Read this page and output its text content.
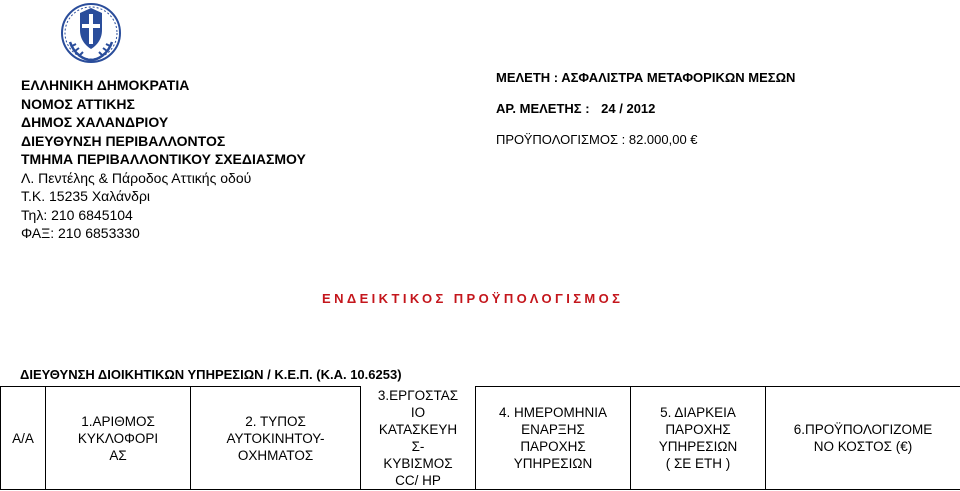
ΕΛΛΗΝΙΚΗ ΔΗΜΟΚΡΑΤΙΑ
ΝΟΜΟΣ ΑΤΤΙΚΗΣ
ΔΗΜΟΣ ΧΑΛΑΝΔΡΙΟΥ
ΔΙΕΥΘΥΝΣΗ ΠΕΡΙΒΑΛΛΟΝΤΟΣ
ΤΜΗΜΑ ΠΕΡΙΒΑΛΛΟΝΤΙΚΟΥ ΣΧΕΔΙΑΣΜΟΥ
Λ. Πεντέλης & Πάροδος Αττικής οδού
Τ.Κ. 15235 Χαλάνδρι
Τηλ: 210 6845104
ΦΑΞ: 210 6853330
ΜΕΛΕΤΗ : ΑΣΦΑΛΙΣΤΡΑ ΜΕΤΑΦΟΡΙΚΩΝ ΜΕΣΩΝ
ΑΡ. ΜΕΛΕΤΗΣ : 24 / 2012
ΠΡΟΫΠΟΛΟΓΙΣΜΟΣ : 82.000,00 €
ΕΝΔΕΙΚΤΙΚΟΣ ΠΡΟΫΠΟΛΟΓΙΣΜΟΣ
ΔΙΕΥΘΥΝΣΗ ΔΙΟΙΚΗΤΙΚΩΝ ΥΠΗΡΕΣΙΩΝ / Κ.Ε.Π. (Κ.Α. 10.6253)
Α/Α	1.ΑΡΙΘΜΟΣ
ΚΥΚΛΟΦΟΡΙ
ΑΣ	2. ΤΥΠΟΣ
ΑΥΤΟΚΙΝΗΤΟΥ-
ΟΧΗΜΑΤΟΣ	3.ΕΡΓΟΣΤΑΣ
ΙΟ
ΚΑΤΑΣΚΕΥΗ
Σ-
ΚΥΒΙΣΜΟΣ
CC/ HP	4. ΗΜΕΡΟΜΗΝΙΑ
ΕΝΑΡΞΗΣ
ΠΑΡΟΧΗΣ
ΥΠΗΡΕΣΙΩΝ	5. ΔΙΑΡΚΕΙΑ
ΠΑΡΟΧΗΣ
ΥΠΗΡΕΣΙΩΝ
( ΣΕ ΕΤΗ )	6.ΠΡΟΫΠΟΛΟΓΙΖΟΜΕ
ΝΟ ΚΟΣΤΟΣ (€)
